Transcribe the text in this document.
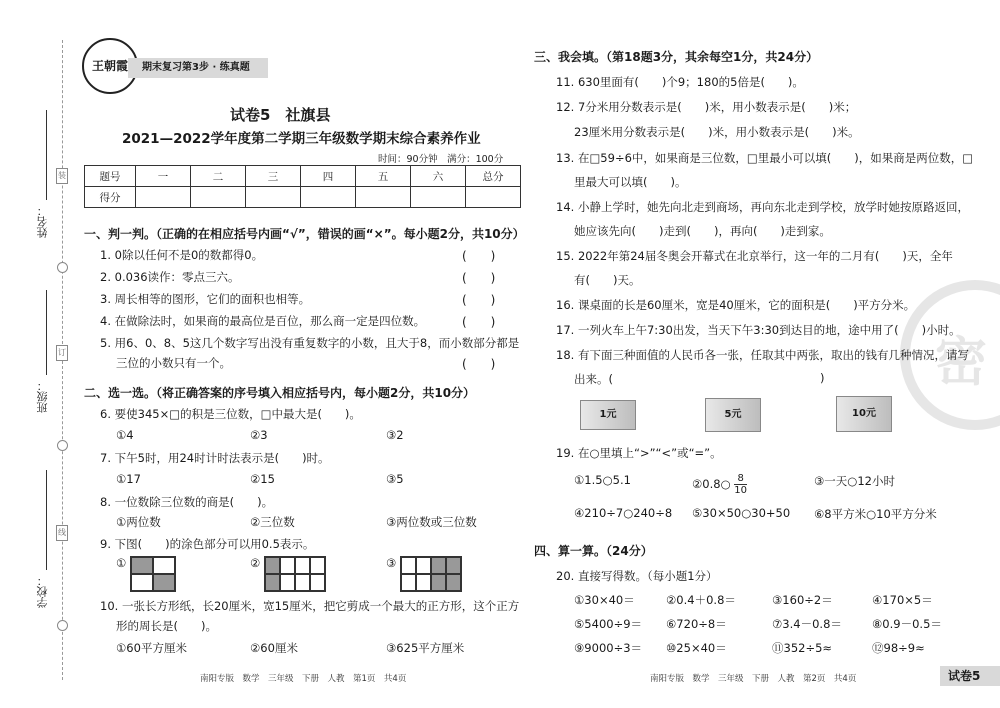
装
订
线
姓名：
班级：
学校：
王朝霞	期末复习第3步 · 练真题
试卷5　社旗县
2021—2022学年度第二学期三年级数学期末综合素养作业
时间：90分钟　满分：100分
题号	一	二	三	四	五	六	总分
得分							
一、判一判。（正确的在相应括号内画“√”，错误的画“×”。每小题2分，共10分）
1. 0除以任何不是0的数都得0。	(　　)
2. 0.036读作：零点三六。	(　　)
3. 周长相等的图形，它们的面积也相等。	(　　)
4. 在做除法时，如果商的最高位是百位，那么商一定是四位数。	(　　)
5. 用6、0、8、5这几个数字写出没有重复数字的小数，且大于8，而小数部分都是
三位的小数只有一个。	(　　)
二、选一选。（将正确答案的序号填入相应括号内，每小题2分，共10分）
6. 要使345×□的积是三位数，□中最大是(　　)。
①4	②3	③2
7. 下午5时，用24时计时法表示是(　　)时。
①17	②15	③5
8. 一位数除三位数的商是(　　)。
①两位数	②三位数	③两位数或三位数
9. 下图(　　)的涂色部分可以用0.5表示。
①	②	③
10. 一张长方形纸，长20厘米，宽15厘米，把它剪成一个最大的正方形，这个正方
形的周长是(　　)。
①60平方厘米	②60厘米	③625平方厘米
南阳专版　数学　三年级　下册　人教　第1页　共4页
密
三、我会填。（第18题3分，其余每空1分，共24分）
11. 630里面有(　　)个9；180的5倍是(　　)。
12. 7分米用分数表示是(　　)米，用小数表示是(　　)米；
23厘米用分数表示是(　　)米，用小数表示是(　　)米。
13. 在□59÷6中，如果商是三位数，□里最小可以填(　　)，如果商是两位数，□
里最大可以填(　　)。
14. 小静上学时，她先向北走到商场，再向东北走到学校，放学时她按原路返回，
她应该先向(　　)走到(　　)，再向(　　)走到家。
15. 2022年第24届冬奥会开幕式在北京举行，这一年的二月有(　　)天，全年
有(　　)天。
16. 课桌面的长是60厘米，宽是40厘米，它的面积是(　　)平方分米。
17. 一列火车上午7:30出发，当天下午3:30到达目的地，途中用了(　　)小时。
18. 有下面三种面值的人民币各一张，任取其中两张，取出的钱有几种情况，请写
出来。(	)
1元	5元	10元
19. 在○里填上“>”“<”或“=”。
①1.5○5.1	②0.8○ $\frac{8}{10}$	③一天○12小时
④210÷7○240÷8 ⑤30×50○30+50 ⑥8平方米○10平方分米
四、算一算。（24分）
20. 直接写得数。（每小题1分）
①30×40＝	②0.4＋0.8＝	③160÷2＝	④170×5＝
⑤5400÷9＝ ⑥720÷8＝	⑦3.4－0.8＝	⑧0.9－0.5＝
⑨9000÷3＝ ⑩25×40＝	⑪352÷5≈	⑫98÷9≈
南阳专版　数学　三年级　下册　人教　第2页　共4页	试卷5
